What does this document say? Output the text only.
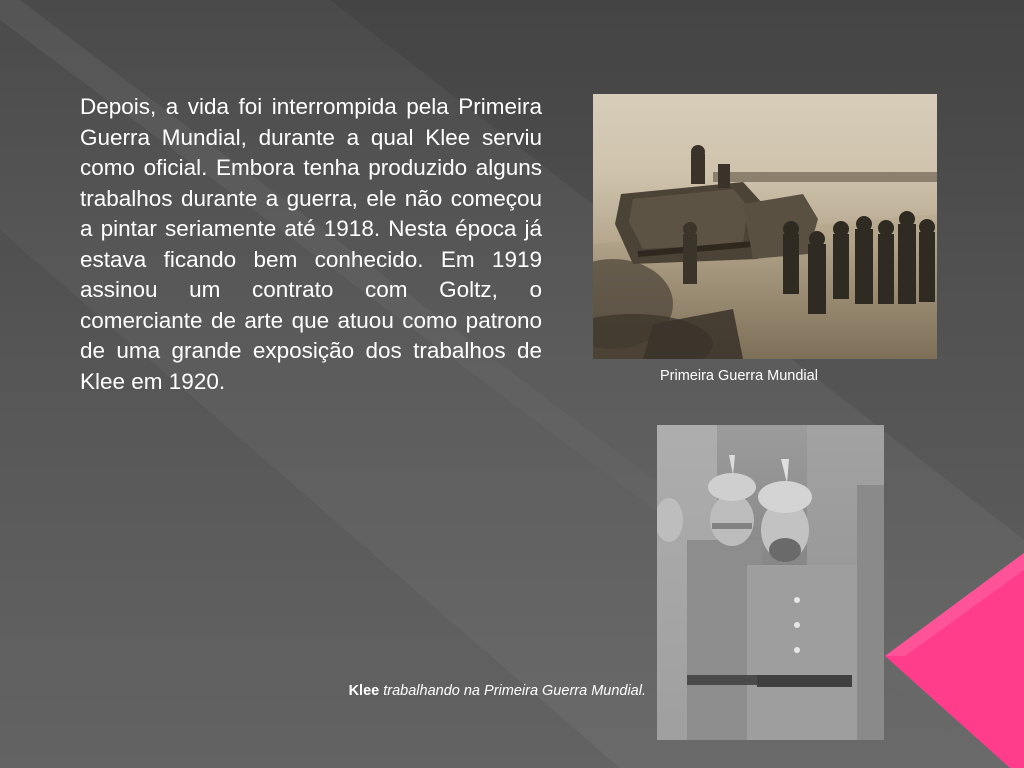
Depois, a vida foi interrompida pela Primeira Guerra Mundial, durante a qual Klee serviu como oficial. Embora tenha produzido alguns trabalhos durante a guerra, ele não começou a pintar seriamente até 1918. Nesta época já estava ficando bem conhecido. Em 1919 assinou um contrato com Goltz, o comerciante de arte que atuou como patrono de uma grande exposição dos trabalhos de Klee em 1920.	Primeira Guerra Mundial

Klee trabalhando na Primeira Guerra Mundial.
